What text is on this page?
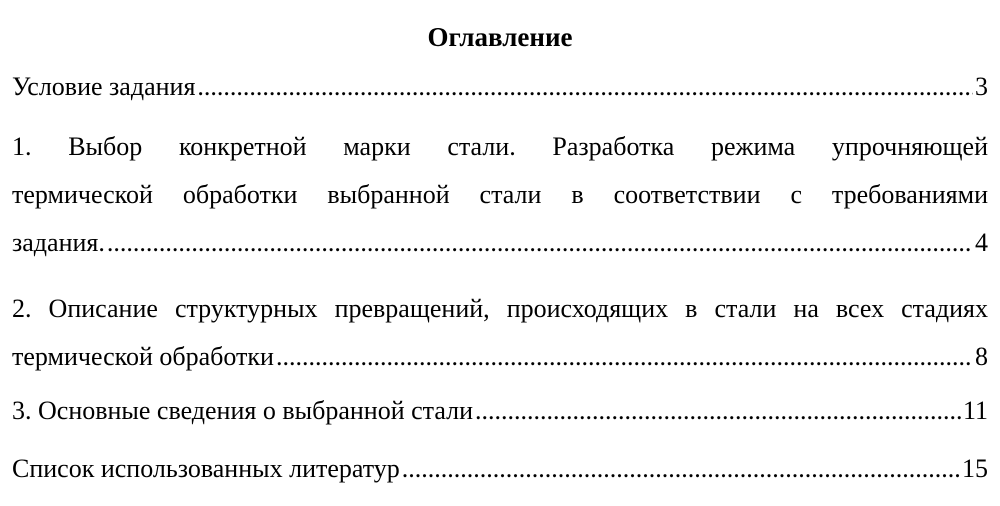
Оглавление
Условие задания .....	3
1. Выбор конкретной марки стали. Разработка режима упрочняющей
термической обработки выбранной стали в соответствии с требованиями
задания. .....	4
2. Описание структурных превращений, происходящих в стали на всех стадиях
термической обработки .....	8
3. Основные сведения о выбранной стали .....	11
Список использованных литератур .....	15
